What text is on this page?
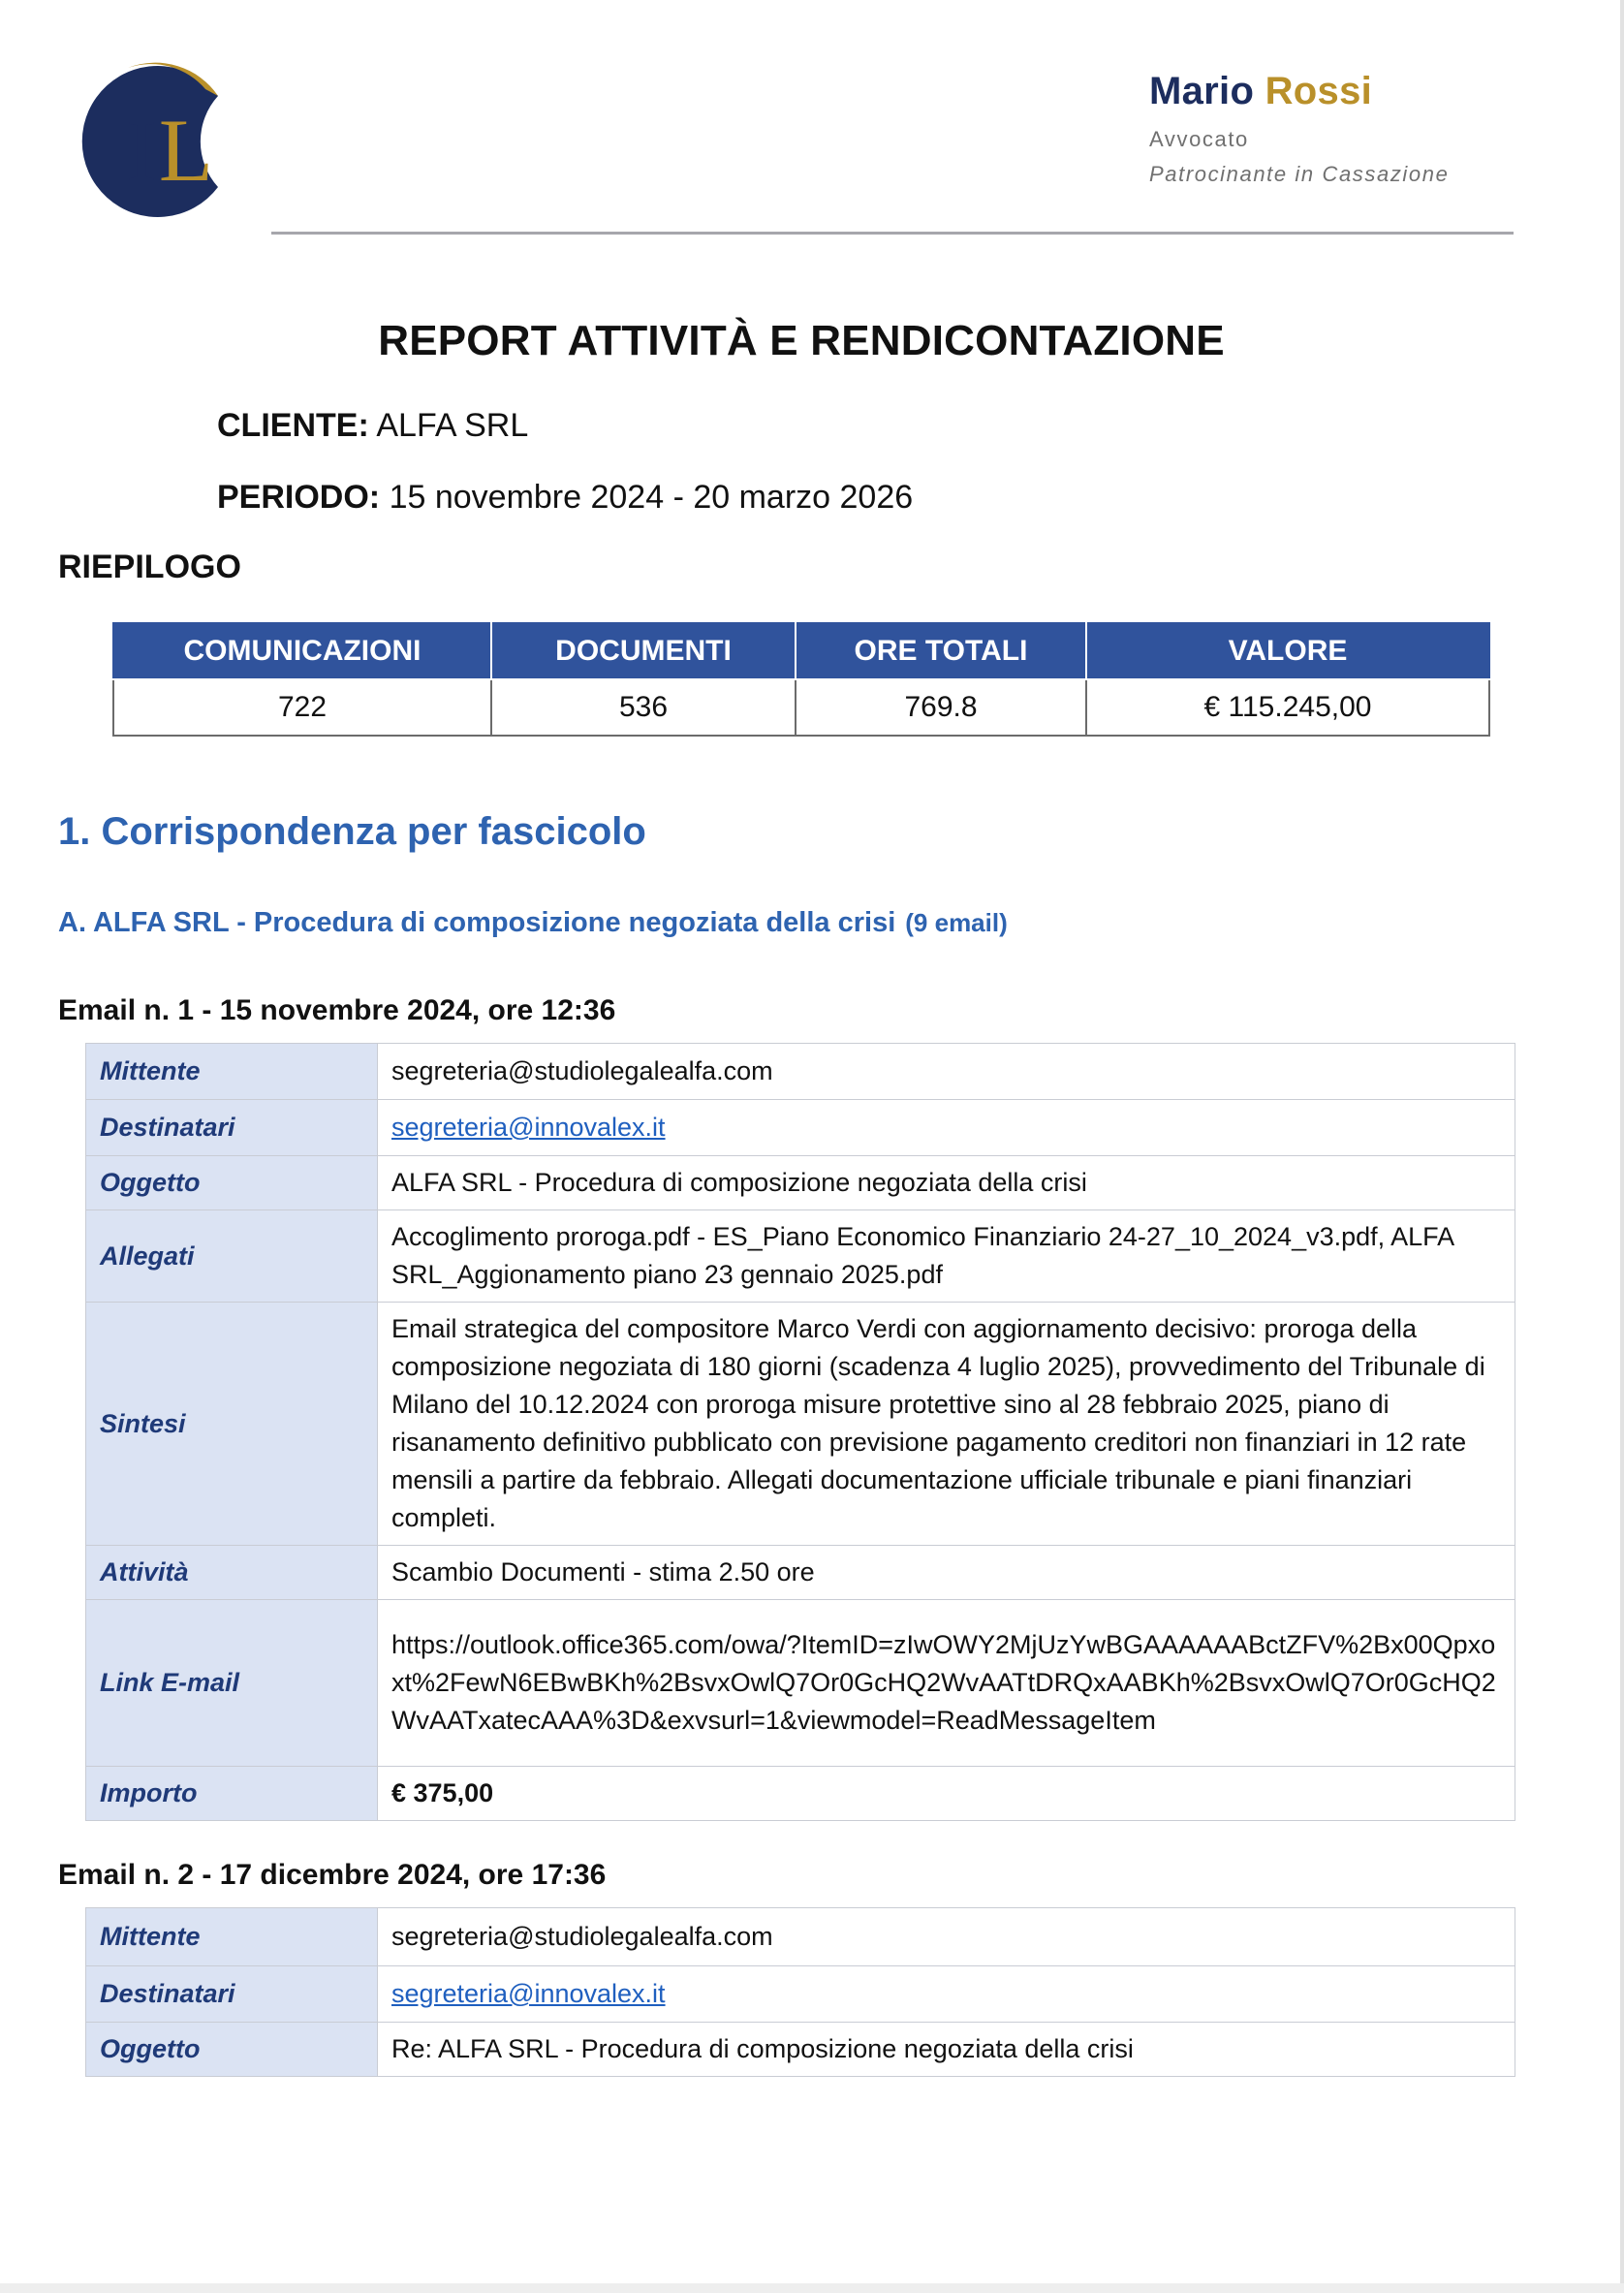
I L
Mario Rossi
Avvocato
Patrocinante in Cassazione
REPORT ATTIVITÀ E RENDICONTAZIONE
CLIENTE: ALFA SRL
PERIODO: 15 novembre 2024 - 20 marzo 2026
RIEPILOGO
COMUNICAZIONI	DOCUMENTI	ORE TOTALI	VALORE
722	536	769.8	€ 115.245,00
1. Corrispondenza per fascicolo
A. ALFA SRL - Procedura di composizione negoziata della crisi (9 email)
Email n. 1 - 15 novembre 2024, ore 12:36
Mittente	segreteria@studiolegalealfa.com
Destinatari	segreteria@innovalex.it
Oggetto	ALFA SRL - Procedura di composizione negoziata della crisi
Allegati	Accoglimento proroga.pdf - ES_Piano Economico Finanziario 24-27_10_2024_v3.pdf, ALFA SRL_Aggionamento piano 23 gennaio 2025.pdf
Sintesi	Email strategica del compositore Marco Verdi con aggiornamento decisivo: proroga della composizione negoziata di 180 giorni (scadenza 4 luglio 2025), provvedimento del Tribunale di Milano del 10.12.2024 con proroga misure protettive sino al 28 febbraio 2025, piano di risanamento definitivo pubblicato con previsione pagamento creditori non finanziari in 12 rate mensili a partire da febbraio. Allegati documentazione ufficiale tribunale e piani finanziari completi.
Attività	Scambio Documenti - stima 2.50 ore
Link E-mail	https://outlook.office365.com/owa/?ItemID=zIwOWY2MjUzYwBGAAAAAABctZFV%2Bx00Qpxoxt%2FewN6EBwBKh%2BsvxOwlQ7Or0GcHQ2WvAATtDRQxAABKh%2BsvxOwlQ7Or0GcHQ2WvAATxatecAAA%3D&exvsurl=1&viewmodel=ReadMessageItem
Importo	€ 375,00
Email n. 2 - 17 dicembre 2024, ore 17:36
Mittente	segreteria@studiolegalealfa.com
Destinatari	segreteria@innovalex.it
Oggetto	Re: ALFA SRL - Procedura di composizione negoziata della crisi
